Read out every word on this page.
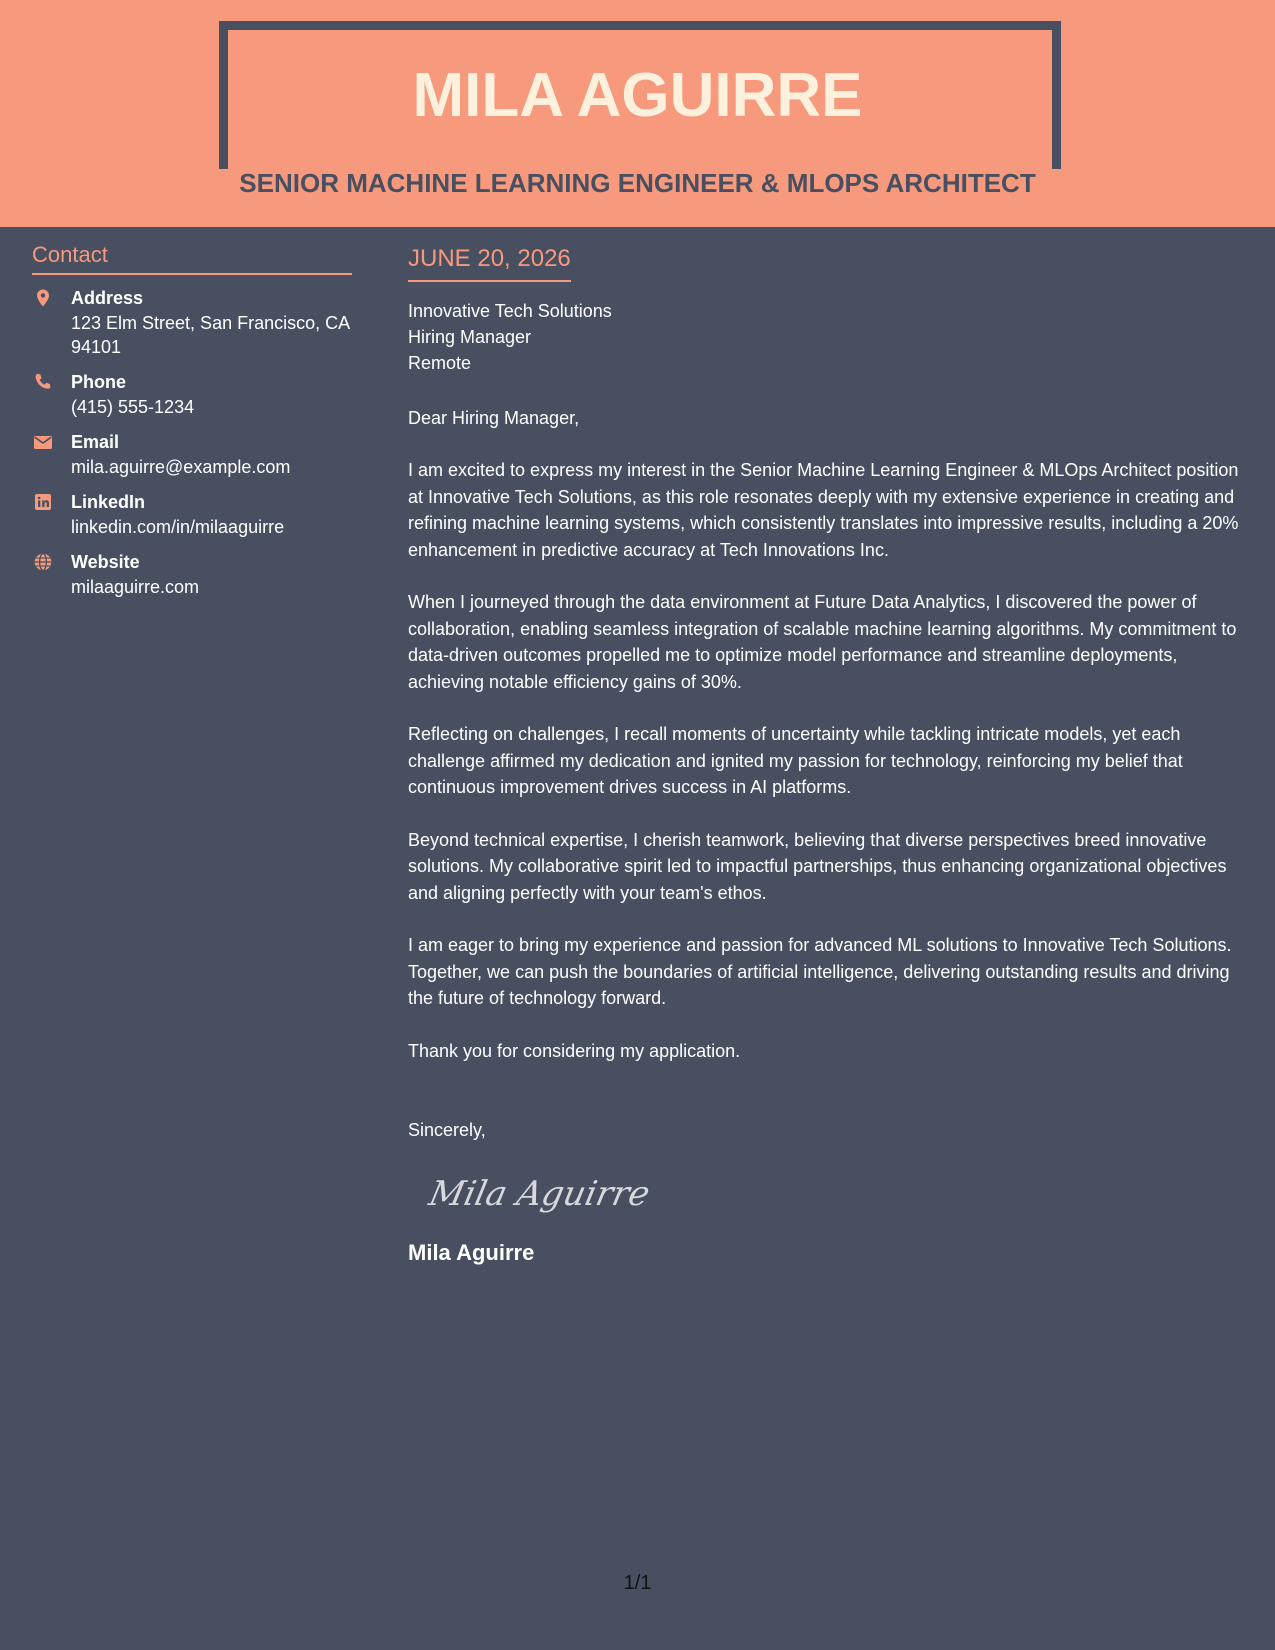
MILA AGUIRRE
SENIOR MACHINE LEARNING ENGINEER & MLOPS ARCHITECT
Contact
Address
123 Elm Street, San Francisco, CA 94101
Phone
(415) 555-1234
Email
mila.aguirre@example.com
LinkedIn
linkedin.com/in/milaaguirre
Website
milaaguirre.com
JUNE 20, 2026
Innovative Tech Solutions
Hiring Manager
Remote
Dear Hiring Manager,
I am excited to express my interest in the Senior Machine Learning Engineer & MLOps Architect position at Innovative Tech Solutions, as this role resonates deeply with my extensive experience in creating and refining machine learning systems, which consistently translates into impressive results, including a 20% enhancement in predictive accuracy at Tech Innovations Inc.
When I journeyed through the data environment at Future Data Analytics, I discovered the power of collaboration, enabling seamless integration of scalable machine learning algorithms. My commitment to data-driven outcomes propelled me to optimize model performance and streamline deployments, achieving notable efficiency gains of 30%.
Reflecting on challenges, I recall moments of uncertainty while tackling intricate models, yet each challenge affirmed my dedication and ignited my passion for technology, reinforcing my belief that continuous improvement drives success in AI platforms.
Beyond technical expertise, I cherish teamwork, believing that diverse perspectives breed innovative solutions. My collaborative spirit led to impactful partnerships, thus enhancing organizational objectives and aligning perfectly with your team's ethos.
I am eager to bring my experience and passion for advanced ML solutions to Innovative Tech Solutions. Together, we can push the boundaries of artificial intelligence, delivering outstanding results and driving the future of technology forward.
Thank you for considering my application.
Sincerely,
Mila Aguirre
Mila Aguirre
1/1
